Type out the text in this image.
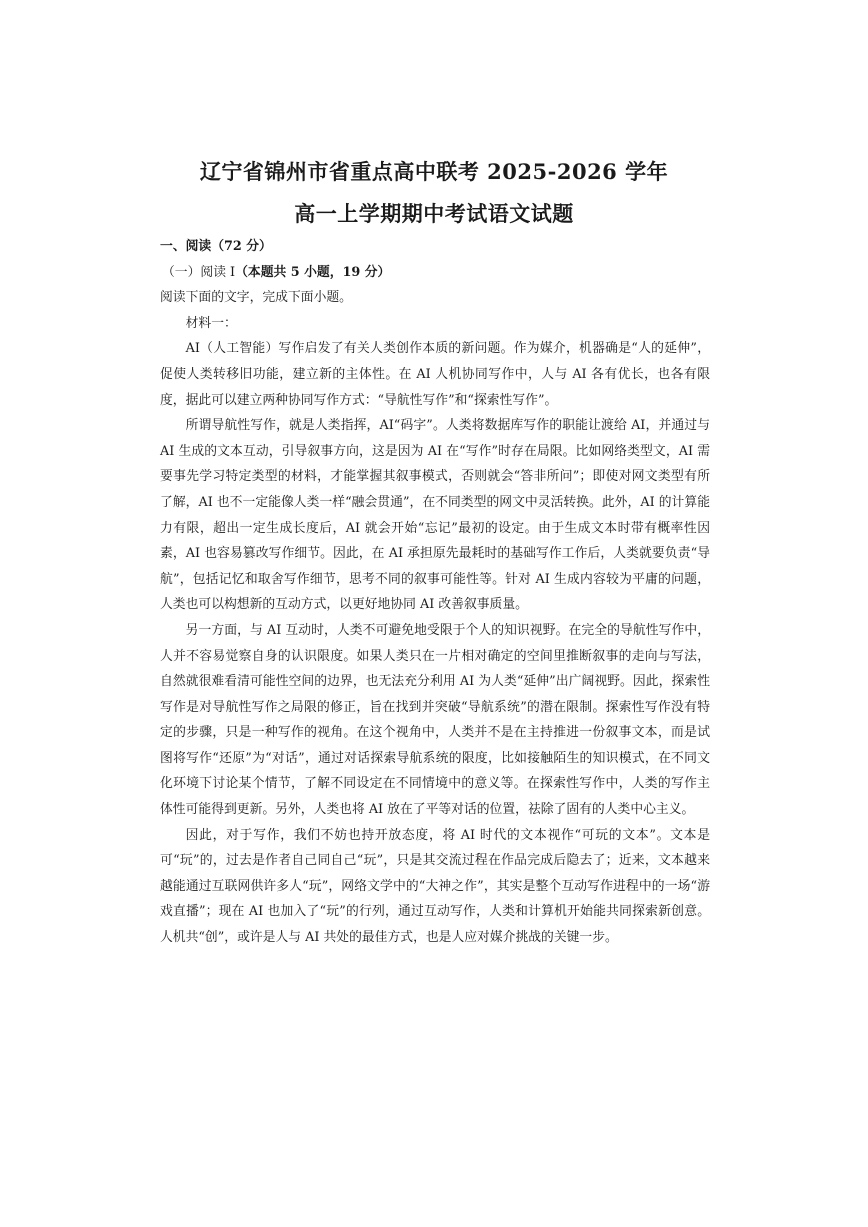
辽宁省锦州市省重点高中联考 2025-2026 学年
高一上学期期中考试语文试题

一、阅读（72 分）

（一）阅读 I（本题共 5 小题，19 分）

阅读下面的文字，完成下面小题。

材料一：

AI（人工智能）写作启发了有关人类创作本质的新问题。作为媒介，机器确是“人的延伸”，促使人类转移旧功能，建立新的主体性。在 AI 人机协同写作中，人与 AI 各有优长，也各有限度，据此可以建立两种协同写作方式：“导航性写作”和“探索性写作”。

所谓导航性写作，就是人类指挥，AI“码字”。人类将数据库写作的职能让渡给 AI，并通过与 AI 生成的文本互动，引导叙事方向，这是因为 AI 在“写作”时存在局限。比如网络类型文，AI 需要事先学习特定类型的材料，才能掌握其叙事模式，否则就会“答非所问”；即使对网文类型有所了解，AI 也不一定能像人类一样“融会贯通”，在不同类型的网文中灵活转换。此外，AI 的计算能力有限，超出一定生成长度后，AI 就会开始“忘记”最初的设定。由于生成文本时带有概率性因素，AI 也容易篡改写作细节。因此，在 AI 承担原先最耗时的基础写作工作后，人类就要负责“导航”，包括记忆和取舍写作细节，思考不同的叙事可能性等。针对 AI 生成内容较为平庸的问题，人类也可以构想新的互动方式，以更好地协同 AI 改善叙事质量。

另一方面，与 AI 互动时，人类不可避免地受限于个人的知识视野。在完全的导航性写作中，人并不容易觉察自身的认识限度。如果人类只在一片相对确定的空间里推断叙事的走向与写法，自然就很难看清可能性空间的边界，也无法充分利用 AI 为人类“延伸”出广阔视野。因此，探索性写作是对导航性写作之局限的修正，旨在找到并突破“导航系统”的潜在限制。探索性写作没有特定的步骤，只是一种写作的视角。在这个视角中，人类并不是在主持推进一份叙事文本，而是试图将写作“还原”为“对话”，通过对话探索导航系统的限度，比如接触陌生的知识模式，在不同文化环境下讨论某个情节，了解不同设定在不同情境中的意义等。在探索性写作中，人类的写作主体性可能得到更新。另外，人类也将 AI 放在了平等对话的位置，祛除了固有的人类中心主义。

因此，对于写作，我们不妨也持开放态度，将 AI 时代的文本视作“可玩的文本”。文本是可“玩”的，过去是作者自己同自己“玩”，只是其交流过程在作品完成后隐去了；近来，文本越来越能通过互联网供许多人“玩”，网络文学中的“大神之作”，其实是整个互动写作进程中的一场“游戏直播”；现在 AI 也加入了“玩”的行列，通过互动写作，人类和计算机开始能共同探索新创意。人机共“创”，或许是人与 AI 共处的最佳方式，也是人应对媒介挑战的关键一步。
